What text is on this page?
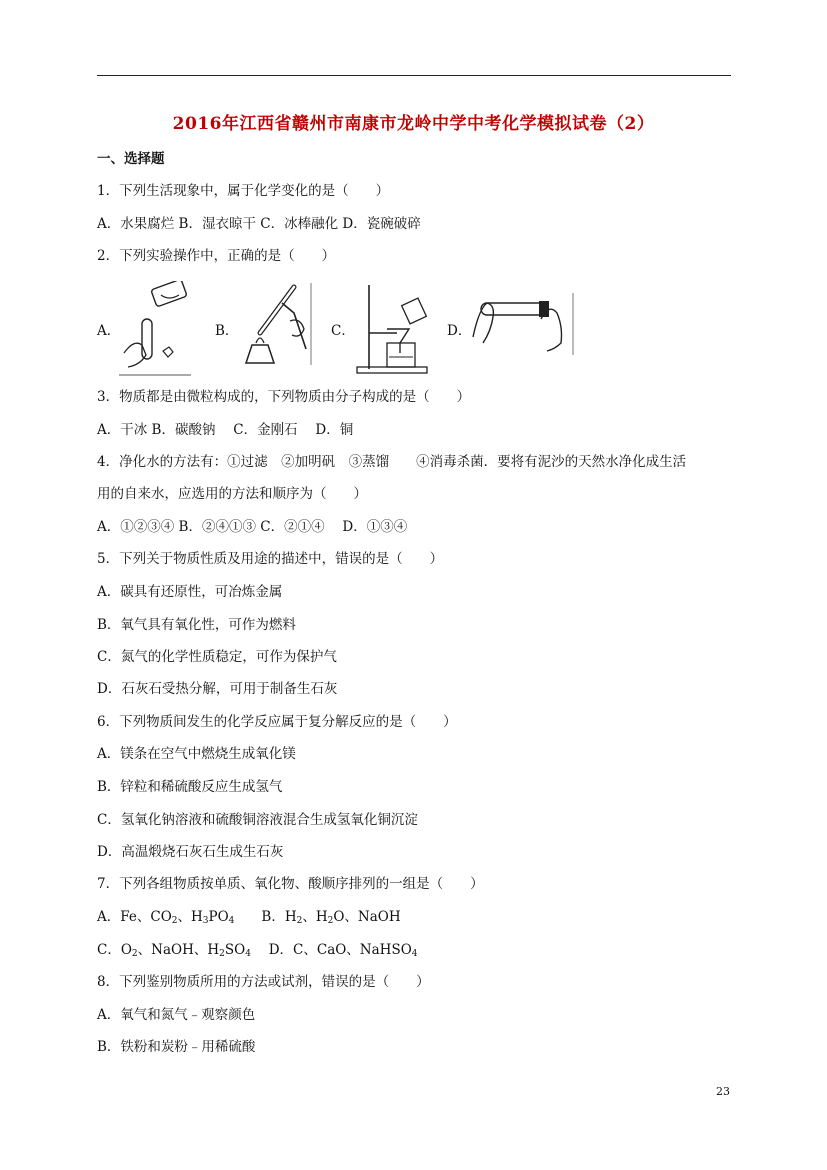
2016年江西省赣州市南康市龙岭中学中考化学模拟试卷（2）
一、选择题
1．下列生活现象中，属于化学变化的是（　　）
A．水果腐烂 B．湿衣晾干 C．冰棒融化 D．瓷碗破碎
2．下列实验操作中，正确的是（　　）
A．	B．	C．	D．
3．物质都是由微粒构成的，下列物质由分子构成的是（　　）
A．干冰 B．碳酸钠　 C．金刚石　 D．铜
4．净化水的方法有：①过滤　②加明矾　③蒸馏　　④消毒杀菌．要将有泥沙的天然水净化成生活
用的自来水，应选用的方法和顺序为（　　）
A．①②③④ B．②④①③ C．②①④　 D．①③④
5．下列关于物质性质及用途的描述中，错误的是（　　）
A．碳具有还原性，可冶炼金属
B．氧气具有氧化性，可作为燃料
C．氮气的化学性质稳定，可作为保护气
D．石灰石受热分解，可用于制备生石灰
6．下列物质间发生的化学反应属于复分解反应的是（　　）
A．镁条在空气中燃烧生成氧化镁
B．锌粒和稀硫酸反应生成氢气
C．氢氧化钠溶液和硫酸铜溶液混合生成氢氧化铜沉淀
D．高温煅烧石灰石生成生石灰
7．下列各组物质按单质、氧化物、酸顺序排列的一组是（　　）
A．Fe、$CO_2$、$H_3PO_4$　　B．$H_2$、$H_2O$、NaOH
C．$O_2$、NaOH、$H_2SO_4$　 D．C、CaO、NaHSO$_4$
8．下列鉴别物质所用的方法或试剂，错误的是（　　）
A．氧气和氮气﹣观察颜色
B．铁粉和炭粉﹣用稀硫酸
23
